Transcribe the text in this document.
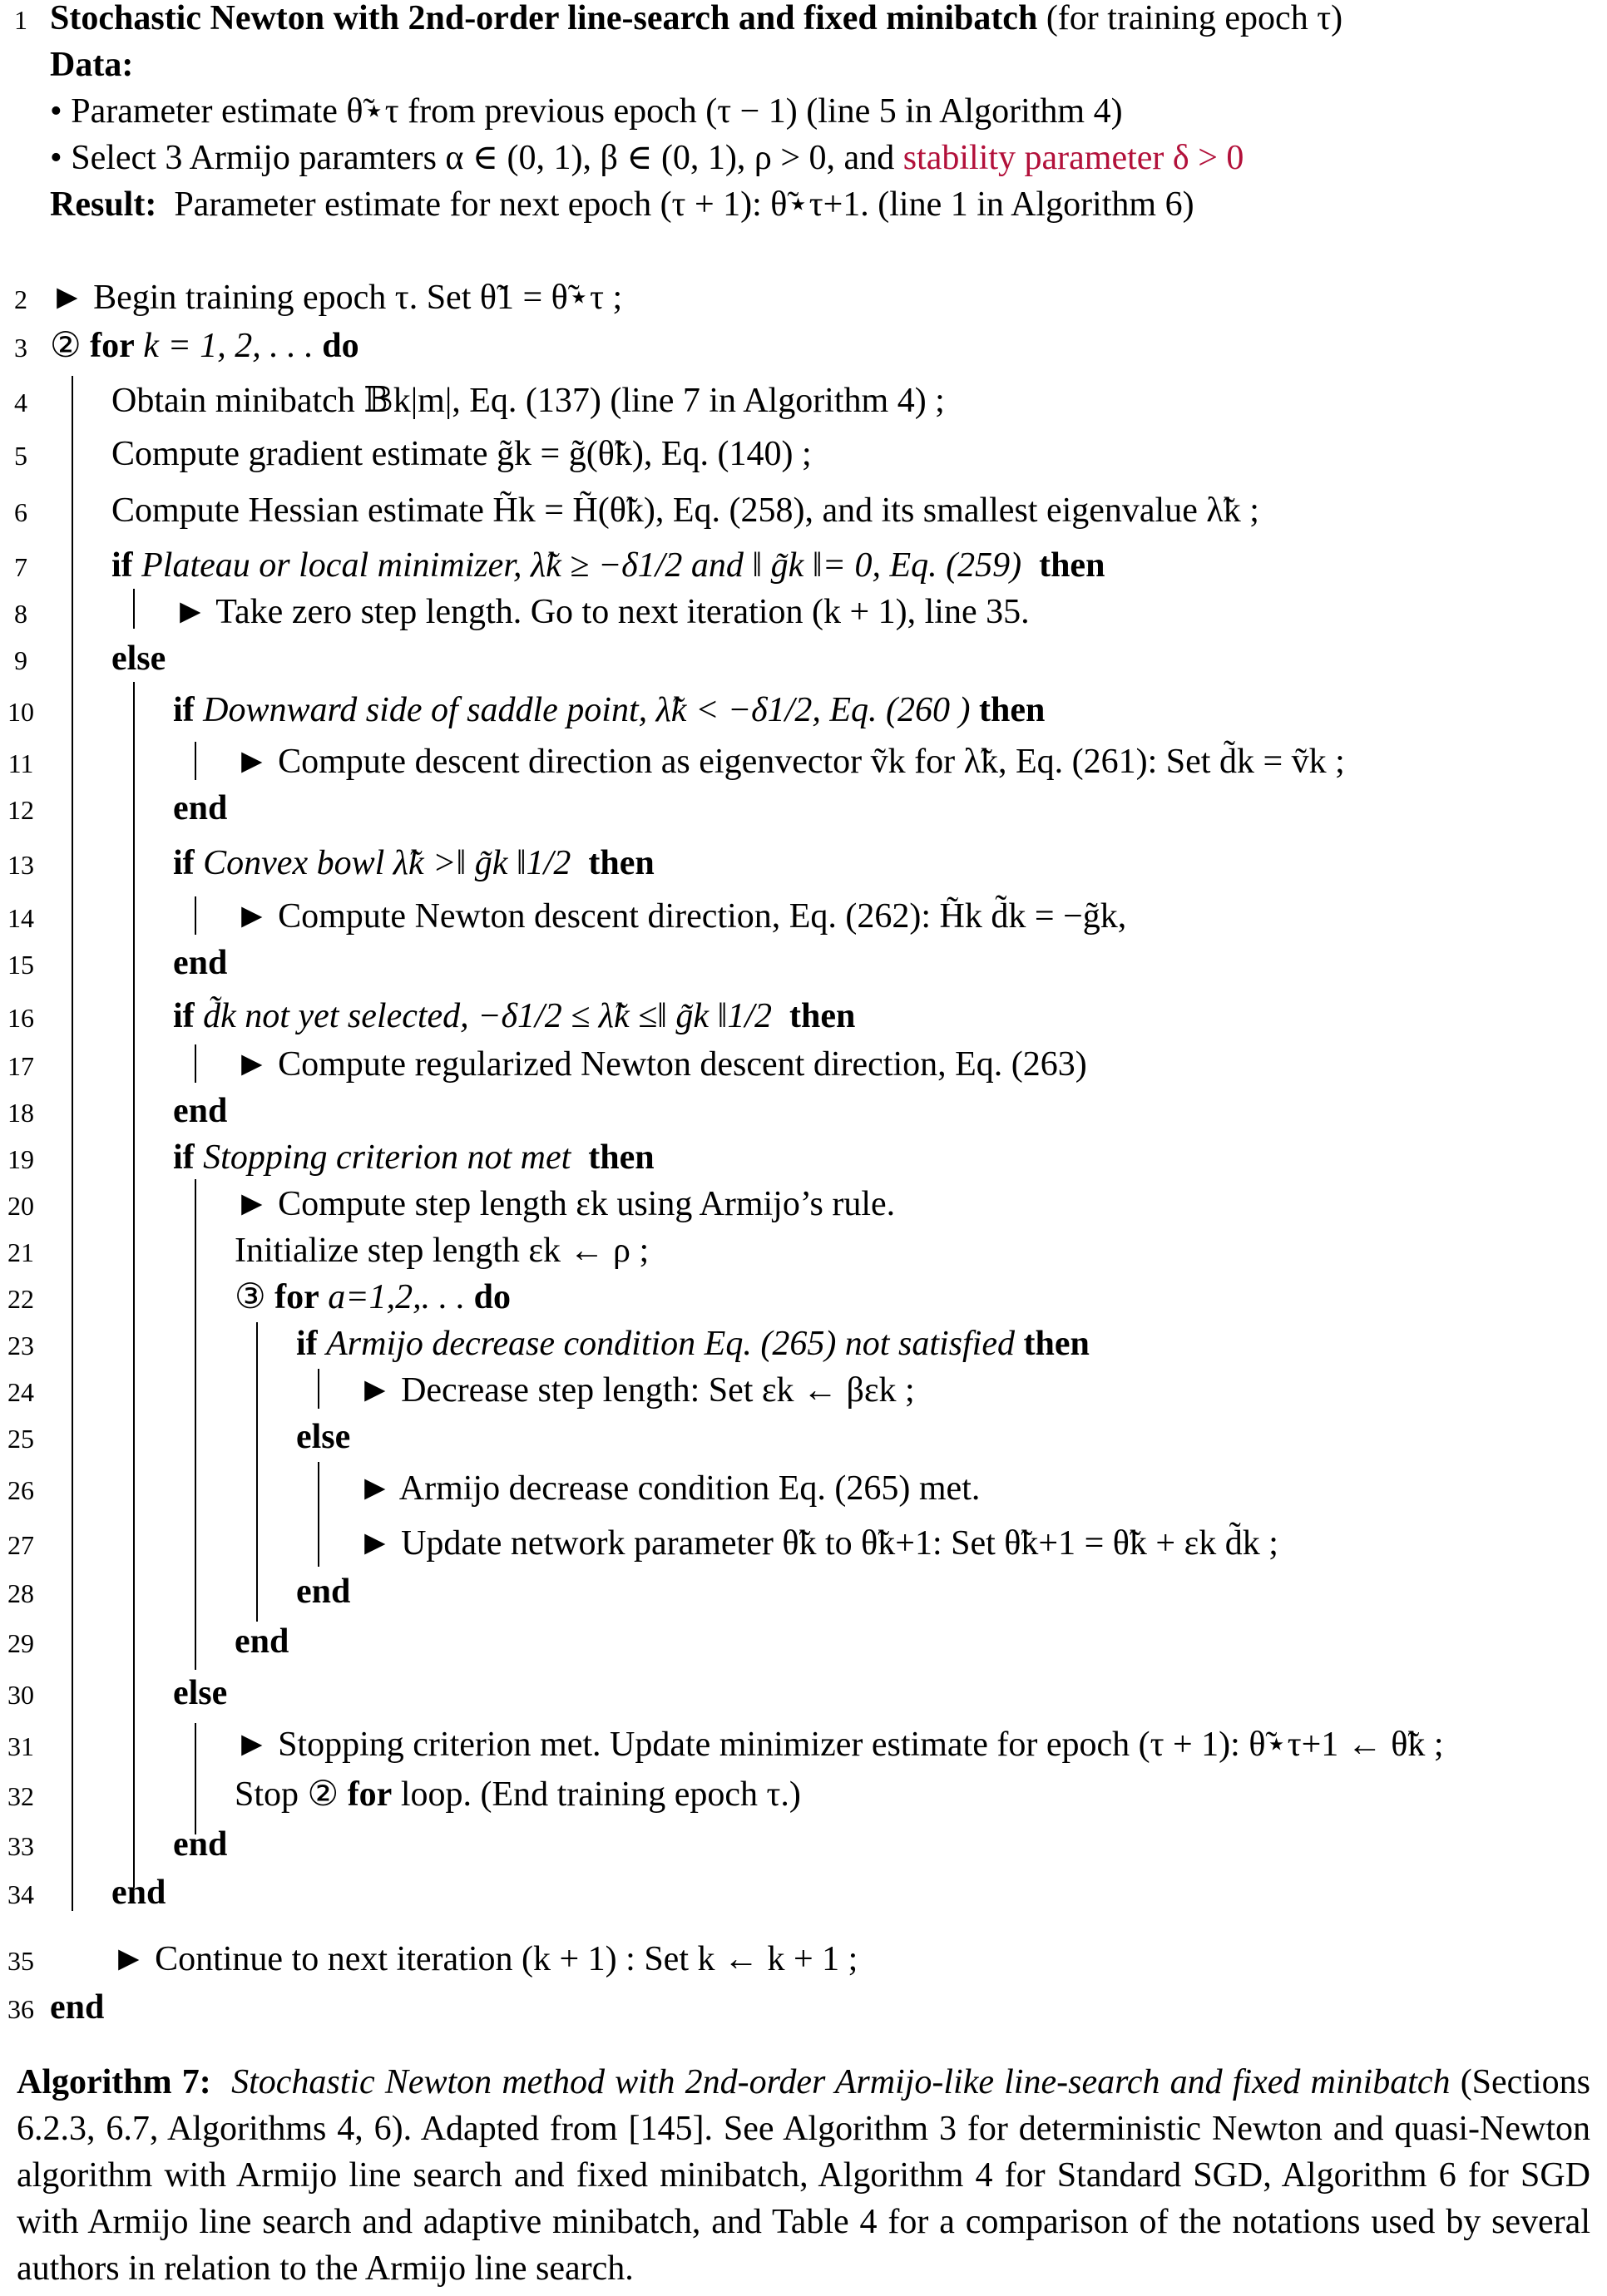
1 Stochastic Newton with 2nd-order line-search and fixed minibatch (for training epoch τ)
Data:
• Parameter estimate θ̃⋆τ from previous epoch (τ − 1) (line 5 in Algorithm 4)
• Select 3 Armijo paramters α ∈ (0, 1), β ∈ (0, 1), ρ > 0, and stability parameter δ > 0
Result: Parameter estimate for next epoch (τ + 1): θ̃⋆τ+1. (line 1 in Algorithm 6)
2 ► Begin training epoch τ. Set θ̃1 = θ̃⋆τ ;
3 ② for k = 1, 2, . . . do
4	Obtain minibatch 𝔹k|m|, Eq. (137) (line 7 in Algorithm 4) ;
5	Compute gradient estimate g̃k = g̃(θ̃k), Eq. (140) ;
6	Compute Hessian estimate H̃k = H̃(θ̃k), Eq. (258), and its smallest eigenvalue λ̃k ;
7	if Plateau or local minimizer, λ̃k ≥ −δ1/2 and ‖ g̃k ‖= 0, Eq. (259) then
8	► Take zero step length. Go to next iteration (k + 1), line 35.
9	else
10	if Downward side of saddle point, λ̃k < −δ1/2, Eq. (260 ) then
11	► Compute descent direction as eigenvector ṽk for λ̃k, Eq. (261): Set d̃k = ṽk ;
12	end
13	if Convex bowl λ̃k >‖ g̃k ‖1/2 then
14	► Compute Newton descent direction, Eq. (262): H̃k d̃k = −g̃k,
15	end
16	if d̃k not yet selected, −δ1/2 ≤ λ̃k ≤‖ g̃k ‖1/2 then
17	► Compute regularized Newton descent direction, Eq. (263)
18	end
19	if Stopping criterion not met then
20	► Compute step length εk using Armijo’s rule.
21	Initialize step length εk ← ρ ;
22	③ for a=1,2,. . . do
23	if Armijo decrease condition Eq. (265) not satisfied then
24	► Decrease step length: Set εk ← βεk ;
25	else
26	► Armijo decrease condition Eq. (265) met.
27	► Update network parameter θ̃k to θ̃k+1: Set θ̃k+1 = θ̃k + εk d̃k ;
28	end
29	end
30	else
31	► Stopping criterion met. Update minimizer estimate for epoch (τ + 1): θ̃⋆τ+1 ← θ̃k ;
32	Stop ② for loop. (End training epoch τ.)
33	end
34 end
35 ► Continue to next iteration (k + 1) : Set k ← k + 1 ;
36 end
Algorithm 7: Stochastic Newton method with 2nd-order Armijo-like line-search and fixed minibatch (Sections 6.2.3, 6.7, Algorithms 4, 6). Adapted from [145]. See Algorithm 3 for deterministic Newton and quasi-Newton algorithm with Armijo line search and fixed minibatch, Algorithm 4 for Standard SGD, Algorithm 6 for SGD with Armijo line search and adaptive minibatch, and Table 4 for a comparison of the notations used by several authors in relation to the Armijo line search.
